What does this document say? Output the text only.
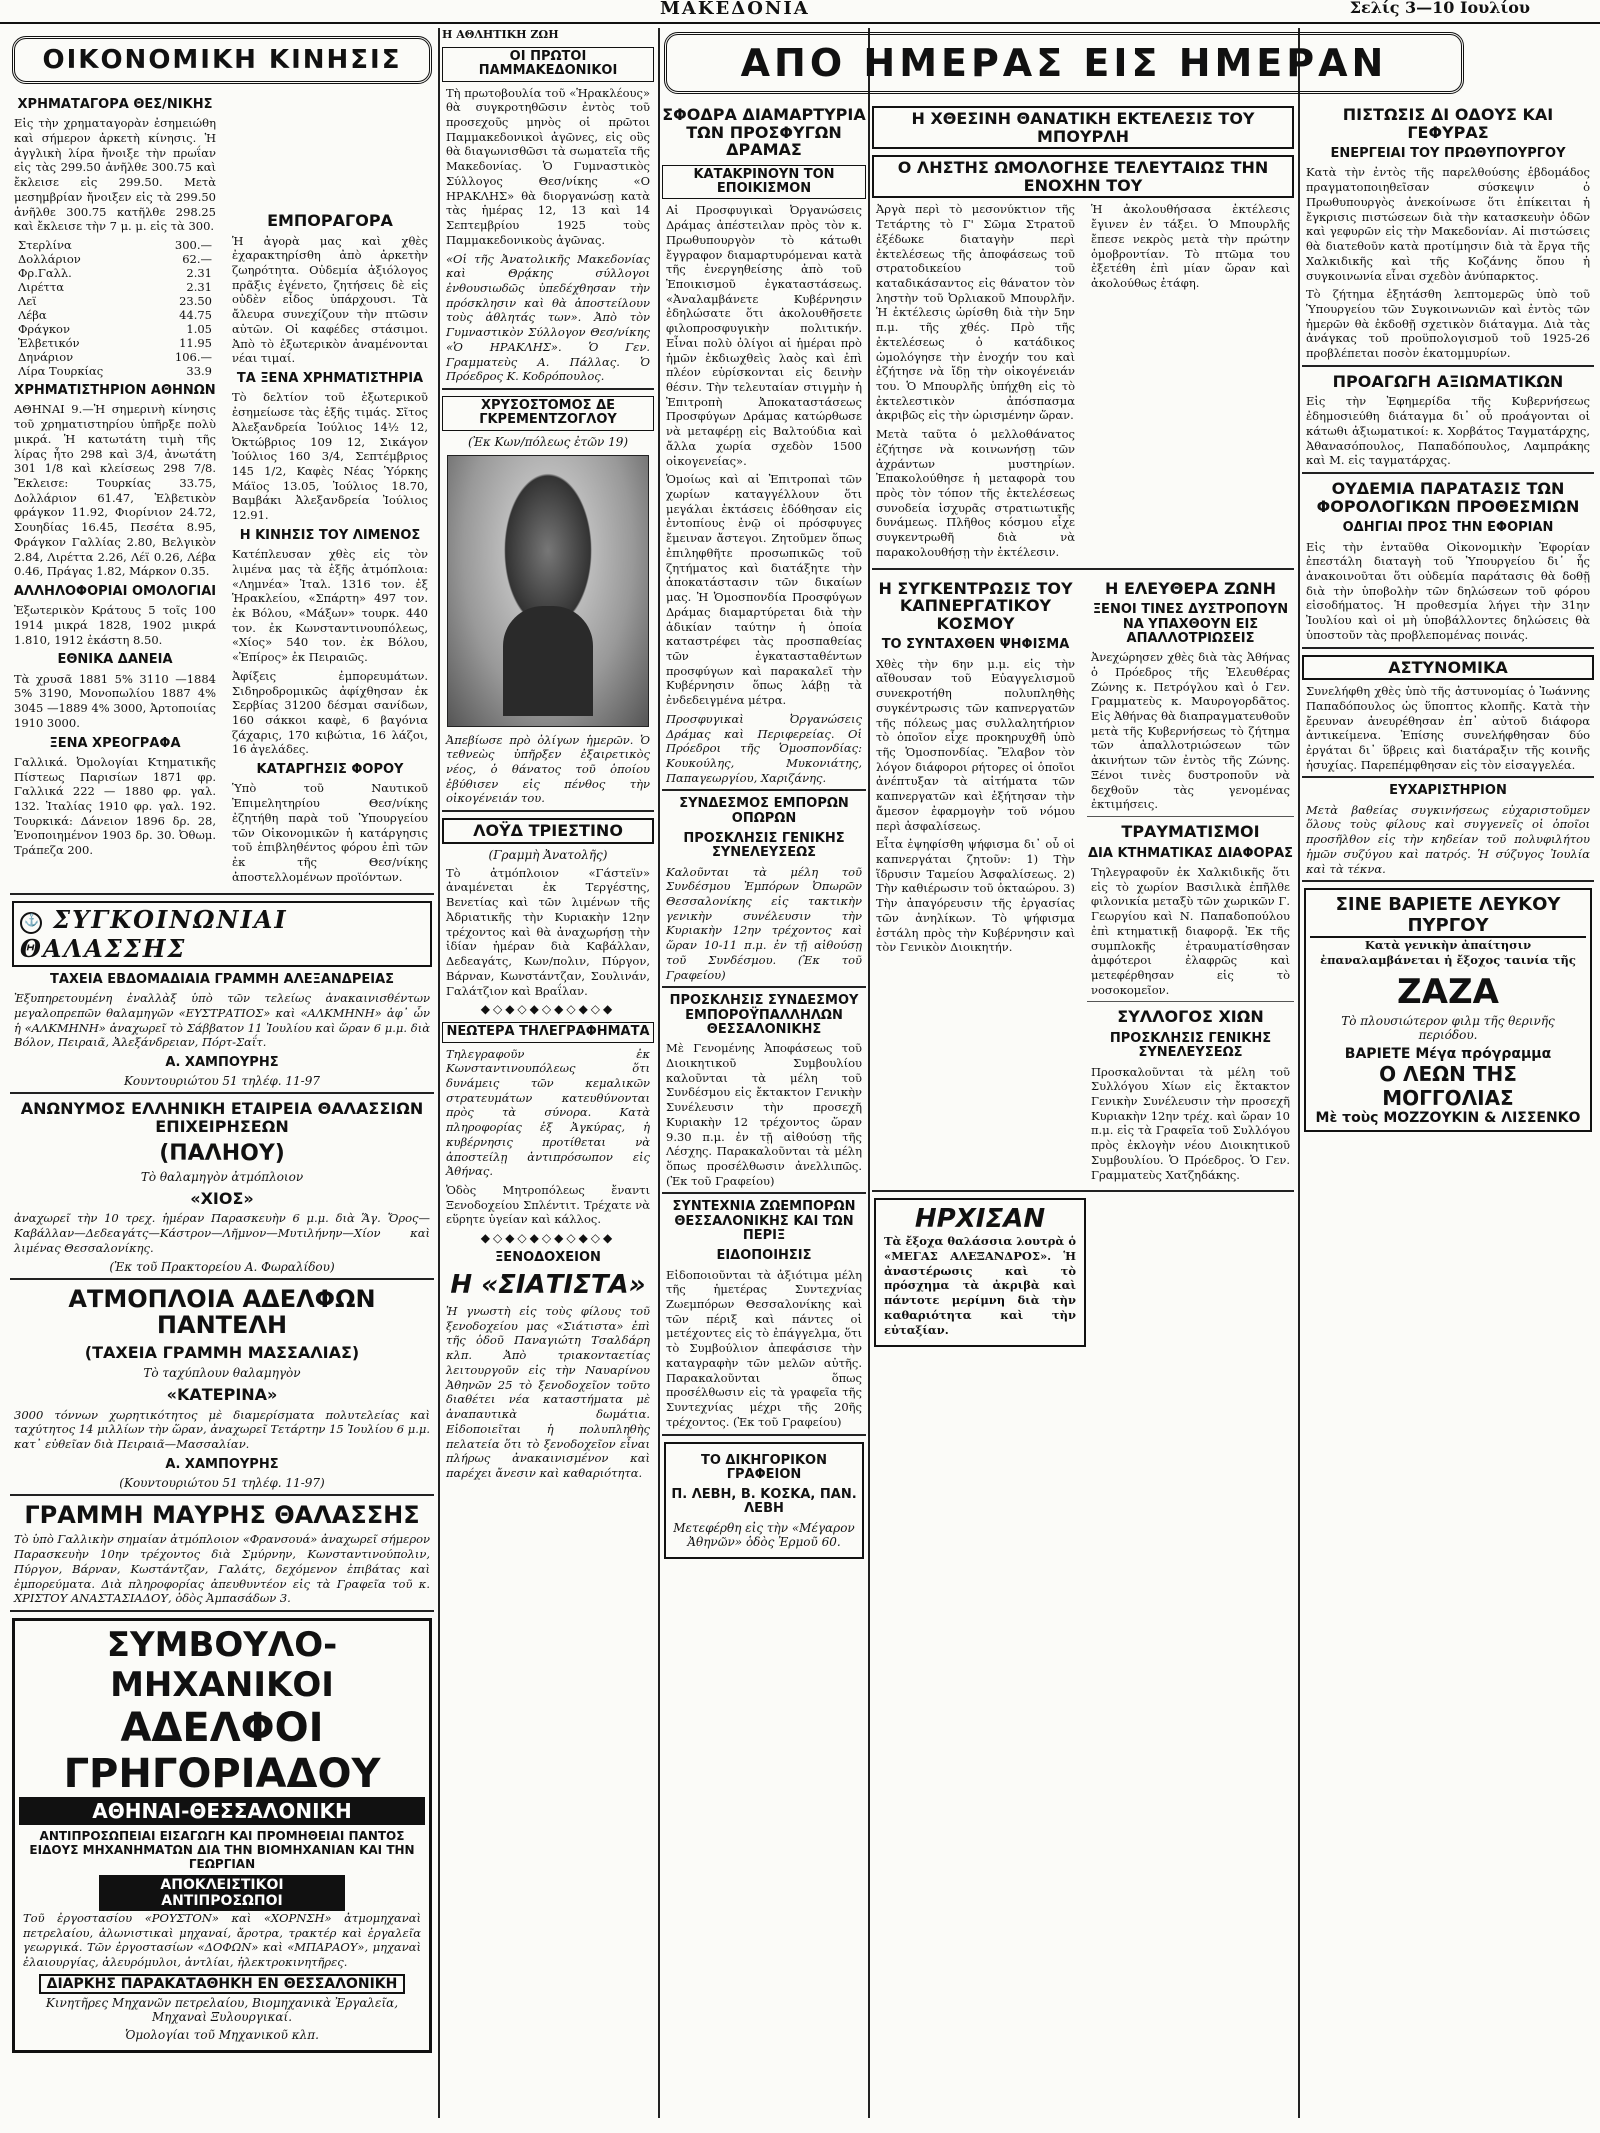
ΜΑΚΕΔΟΝΙΑ	Σελίς 3—10 Ιουλίου
ΟΙΚΟΝΟΜΙΚΗ ΚΙΝΗΣΙΣ
ΧΡΗΜΑΤΑΓΟΡΑ ΘΕΣ/ΝΙΚΗΣ

Εἰς τὴν χρηματαγορὰν ἐσημειώθη καὶ σήμερον ἀρκετὴ κίνησις. Ἡ ἀγγλικὴ λίρα ἤνοιξε τὴν πρωΐαν εἰς τὰς 299.50 ἀνῆλθε 300.75 καὶ ἔκλεισε εἰς 299.50. Μετὰ μεσημβρίαν ἤνοιξεν εἰς τὰ 299.50 ἀνῆλθε 300.75 κατῆλθε 298.25 καὶ ἔκλεισε τὴν 7 μ. μ. εἰς τὰ 300.

Στερλίνα	300.—
Δολλάριον	62.—
Φρ.Γαλλ.	2.31
Λιρέττα	2.31
Λεϊ	23.50
Λέβα	44.75
Φράγκον	1.05
Ἑλβετικόν	11.95
Δηνάριον	106.—
Λίρα Τουρκίας	33.9
ΧΡΗΜΑΤΙΣΤΗΡΙΟΝ ΑΘΗΝΩΝ

ΑΘΗΝΑΙ 9.—Ἡ σημερινὴ κίνησις τοῦ χρηματιστηρίου ὑπῆρξε πολὺ μικρά. Ἡ κατωτάτη τιμὴ τῆς λίρας ἦτο 298 καὶ 3/4, ἀνωτάτη 301 1/8 καὶ κλείσεως 298 7/8. Ἔκλεισε: Τουρκίας 33.75, Δολλάριον 61.47, Ἑλβετικὸν φράγκον 11.92, Φιορίνιον 24.72, Σουηδίας 16.45, Πεσέτα 8.95, Φράγκον Γαλλίας 2.80, Βελγικὸν 2.84, Λιρέττα 2.26, Λέϊ 0.26, Λέβα 0.46, Πράγας 1.82, Μάρκον 0.35.

ΑΛΛΗΛΟΦΟΡΙΑΙ ΟΜΟΛΟΓΙΑΙ

Ἐξωτερικὸν Κράτους 5 τοῖς 100 1914 μικρά 1828, 1902 μικρά 1.810, 1912 ἐκάστη 8.50.

ΕΘΝΙΚΑ ΔΑΝΕΙΑ

Τὰ χρυσᾶ 1881 5% 3110 —1884 5% 3190, Μονοπωλίου 1887 4% 3045 —1889 4% 3000, Ἀρτοποιίας 1910 3000.

ΞΕΝΑ ΧΡΕΟΓΡΑΦΑ

Γαλλικά. Ὀμολογίαι Κτηματικῆς Πίστεως Παρισίων 1871 φρ. Γαλλικά 222 — 1880 φρ. γαλ. 132. Ἰταλίας 1910 φρ. γαλ. 192. Τουρκικά: Δάνειον 1896 δρ. 28, Ἐνοποιημένον 1903 δρ. 30. Ὀθωμ. Τράπεζα 200.

ΕΜΠΟΡΑΓΟΡΑ

Ἡ ἀγορὰ μας καὶ χθὲς ἐχαρακτηρίσθη ἀπὸ ἀρκετὴν ζωηρότητα. Οὐδεμία ἀξιόλογος πρᾶξις ἐγένετο, ζητήσεις δὲ εἰς οὐδὲν εἶδος ὑπάρχουσι. Τὰ ἄλευρα συνεχίζουν τὴν πτῶσιν αὐτῶν. Οἱ καφέδες στάσιμοι. Ἀπὸ τὸ ἐξωτερικὸν ἀναμένονται νέαι τιμαί.

ΤΑ ΞΕΝΑ ΧΡΗΜΑΤΙΣΤΗΡΙΑ

Τὸ δελτίον τοῦ ἐξωτερικοῦ ἐσημείωσε τὰς ἑξῆς τιμάς. Σῖτος Ἀλεξανδρεία Ἰούλιος 14½ 12, Ὀκτώβριος 109 12, Σικάγον Ἰούλιος 160 3/4, Σεπτέμβριος 145 1/2, Καφὲς Νέας Ὑόρκης Μάϊος 13.05, Ἰούλιος 18.70, Βαμβάκι Ἀλεξανδρεία Ἰούλιος 12.91.

Η ΚΙΝΗΣΙΣ ΤΟΥ ΛΙΜΕΝΟΣ

Κατέπλευσαν χθὲς εἰς τὸν λιμένα μας τὰ ἑξῆς ἀτμόπλοια: «Λημνέα» Ἰταλ. 1316 τον. ἐξ Ἡρακλείου, «Σπάρτη» 497 τον. ἐκ Βόλου, «Μάξων» τουρκ. 440 τον. ἐκ Κωνσταντινουπόλεως, «Χίος» 540 τον. ἐκ Βόλου, «Ἐπίρος» ἐκ Πειραιῶς.

Ἀφίξεις ἐμπορευμάτων. Σιδηροδρομικῶς ἀφίχθησαν ἐκ Σερβίας 31200 δέσμαι σανίδων, 160 σάκκοι καφὲ, 6 βαγόνια ζάχαρις, 170 κιβώτια, 16 λάζοι, 16 ἀγελάδες.

ΚΑΤΑΡΓΗΣΙΣ ΦΟΡΟΥ

Ὑπὸ τοῦ Ναυτικοῦ Ἐπιμελητηρίου Θεσ/νίκης ἐζητήθη παρὰ τοῦ Ὑπουργείου τῶν Οἰκονομικῶν ἡ κατάργησις τοῦ ἐπιβληθέντος φόρου ἐπὶ τῶν ἐκ τῆς Θεσ/νίκης ἀποστελλομένων προϊόντων.

⚓ ΣΥΓΚΟΙΝΩΝΙΑΙ ΘΑΛΑΣΣΗΣ
ΤΑΧΕΙΑ ΕΒΔΟΜΑΔΙΑΙΑ ΓΡΑΜΜΗ ΑΛΕΞΑΝΔΡΕΙΑΣ

Ἐξυπηρετουμένη ἐναλλὰξ ὑπὸ τῶν τελείως ἀνακαινισθέντων μεγαλοπρεπῶν θαλαμηγῶν «ΕΥΣΤΡΑΤΙΟΣ» καὶ «ΑΛΚΜΗΝΗ» ἀφ᾽ ὧν ἡ «ΑΛΚΜΗΝΗ» ἀναχωρεῖ τὸ Σάββατον 11 Ἰουλίου καὶ ὥραν 6 μ.μ. διὰ Βόλον, Πειραιᾶ, Ἀλεξάνδρειαν, Πόρτ-Σαΐτ.

Α. ΧΑΜΠΟΥΡΗΣ
Κουντουριώτου 51 τηλέφ. 11-97
ΑΝΩΝΥΜΟΣ ΕΛΛΗΝΙΚΗ ΕΤΑΙΡΕΙΑ ΘΑΛΑΣΣΙΩΝ ΕΠΙΧΕΙΡΗΣΕΩΝ
(ΠΑΛΗΟΥ)
Τὸ θαλαμηγὸν ἀτμόπλοιον
«ΧΙΟΣ»

ἀναχωρεῖ τὴν 10 τρεχ. ἡμέραν Παρασκευὴν 6 μ.μ. διὰ Ἅγ. Ὄρος—Καβάλλαν—Δεδεαγάτς—Κάστρον—Λῆμνον—Μυτιλήνην—Χίον καὶ λιμένας Θεσσαλονίκης.

(Ἐκ τοῦ Πρακτορείου Α. Φωραλίδου)
ΑΤΜΟΠΛΟΙΑ ΑΔΕΛΦΩΝ ΠΑΝΤΕΛΗ
(ΤΑΧΕΙΑ ΓΡΑΜΜΗ ΜΑΣΣΑΛΙΑΣ)
Τὸ ταχύπλουν θαλαμηγὸν
«ΚΑΤΕΡΙΝΑ»

3000 τόννων χωρητικότητος μὲ διαμερίσματα πολυτελείας καὶ ταχύτητος 14 μιλλίων τὴν ὥραν, ἀναχωρεῖ Τετάρτην 15 Ἰουλίου 6 μ.μ. κατ᾽ εὐθεῖαν διὰ Πειραιᾶ—Μασσαλίαν.

Α. ΧΑΜΠΟΥΡΗΣ
(Κουντουριώτου 51 τηλέφ. 11-97)
ΓΡΑΜΜΗ ΜΑΥΡΗΣ ΘΑΛΑΣΣΗΣ

Τὸ ὑπὸ Γαλλικὴν σημαίαν ἀτμόπλοιον «Φρανσουά» ἀναχωρεῖ σήμερον Παρασκευὴν 10ην τρέχοντος διὰ Σμύρνην, Κωνσταντινούπολιν, Πύργον, Βάρναν, Κωστάντζαν, Γαλάτς, δεχόμενον ἐπιβάτας καὶ ἐμπορεύματα. Διὰ πληροφορίας ἀπευθυντέον εἰς τὰ Γραφεῖα τοῦ κ. ΧΡΙΣΤΟΥ ΑΝΑΣΤΑΣΙΑΔΟΥ, ὁδὸς Ἀμπασάδων 3.

ΣΥΜΒΟΥΛΟ-ΜΗΧΑΝΙΚΟΙ
ΑΔΕΛΦΟΙ ΓΡΗΓΟΡΙΑΔΟΥ
ΑΘΗΝΑΙ-ΘΕΣΣΑΛΟΝΙΚΗ
ΑΝΤΙΠΡΟΣΩΠΕΙΑΙ ΕΙΣΑΓΩΓΗ ΚΑΙ ΠΡΟΜΗΘΕΙΑΙ ΠΑΝΤΟΣ ΕΙΔΟΥΣ ΜΗΧΑΝΗΜΑΤΩΝ ΔΙΑ ΤΗΝ ΒΙΟΜΗΧΑΝΙΑΝ ΚΑΙ ΤΗΝ ΓΕΩΡΓΙΑΝ
ΑΠΟΚΛΕΙΣΤΙΚΟΙ ΑΝΤΙΠΡΟΣΩΠΟΙ

Τοῦ ἐργοστασίου «ΡΟΥΣΤΟΝ» καὶ «ΧΟΡΝΣΗ» ἀτμομηχαναὶ πετρελαίου, ἀλωνιστικαὶ μηχαναί, ἄροτρα, τρακτέρ καὶ ἐργαλεῖα γεωργικά. Τῶν ἐργοστασίων «ΔΟΦΩΝ» καὶ «ΜΠΑΡΑΟΥ», μηχαναὶ ἐλαιουργίας, ἀλευρόμυλοι, ἀντλίαι, ἠλεκτροκινητῆρες.

ΔΙΑΡΚΗΣ ΠΑΡΑΚΑΤΑΘΗΚΗ ΕΝ ΘΕΣΣΑΛΟΝΙΚΗ
Κινητῆρες Μηχανῶν πετρελαίου, Βιομηχανικὰ Ἐργαλεῖα, Μηχαναὶ Ξυλουργικαί.
Ὁμολογίαι τοῦ Μηχανικοῦ κλπ.
Η ΑΘΛΗΤΙΚΗ ΖΩΗ
ΟΙ ΠΡΩΤΟΙ ΠΑΜΜΑΚΕΔΟΝΙΚΟΙ

Τὴ πρωτοβουλία τοῦ «Ἡρακλέους» θὰ συγκροτηθῶσιν ἐντὸς τοῦ προσεχοῦς μηνὸς οἱ πρῶτοι Παμμακεδονικοὶ ἀγῶνες, εἰς οὓς θὰ διαγωνισθῶσι τὰ σωματεῖα τῆς Μακεδονίας. Ὁ Γυμναστικὸς Σύλλογος Θεσ/νίκης «Ο ΗΡΑΚΛΗΣ» θὰ διοργανώσῃ κατὰ τὰς ἡμέρας 12, 13 καὶ 14 Σεπτεμβρίου 1925 τοὺς Παμμακεδονικοὺς ἀγῶνας.

«Οἱ τῆς Ἀνατολικῆς Μακεδονίας καὶ Θρᾴκης σύλλογοι ἐνθουσιωδῶς ὑπεδέχθησαν τὴν πρόσκλησιν καὶ θὰ ἀποστείλουν τοὺς ἀθλητάς των». Ἀπὸ τὸν Γυμναστικὸν Σύλλογον Θεσ/νίκης «Ὁ ΗΡΑΚΛΗΣ». Ὁ Γεν. Γραμματεὺς Α. Πάλλας. Ὁ Πρόεδρος Κ. Κοδρόπουλος.

ΧΡΥΣΟΣΤΟΜΟΣ ΔΕ ΓΚΡΕΜΕΝΤΖΟΓΛΟΥ
(Ἐκ Κων/πόλεως ἐτῶν 19)

Ἀπεβίωσε πρὸ ὀλίγων ἡμερῶν. Ὁ τεθνεὼς ὑπῆρξεν ἐξαιρετικὸς νέος, ὁ θάνατος τοῦ ὁποίου ἐβύθισεν εἰς πένθος τὴν οἰκογένειάν του.

ΛΟΫΔ ΤΡΙΕΣΤΙΝΟ
(Γραμμὴ Ἀνατολῆς)

Τὸ ἀτμόπλοιον «Γάστεϊν» ἀναμένεται ἐκ Τεργέστης, Βενετίας καὶ τῶν λιμένων τῆς Ἀδριατικῆς τὴν Κυριακὴν 12ην τρέχοντος καὶ θὰ ἀναχωρήσῃ τὴν ἰδίαν ἡμέραν διὰ Καβάλλαν, Δεδεαγάτς, Κων/πολιν, Πύργον, Βάρναν, Κωνστάντζαν, Σουλινάν, Γαλάτζιον καὶ Βραΐλαν.

◆◇◆◇◆◇◆◇◆◇◆
ΝΕΩΤΕΡΑ ΤΗΛΕΓΡΑΦΗΜΑΤΑ

Τηλεγραφοῦν ἐκ Κωνσταντινουπόλεως ὅτι δυνάμεις τῶν κεμαλικῶν στρατευμάτων κατευθύνονται πρὸς τὰ σύνορα. Κατὰ πληροφορίας ἐξ Ἀγκύρας, ἡ κυβέρνησις προτίθεται νὰ ἀποστείλῃ ἀντιπρόσωπον εἰς Ἀθήνας.

Ὁδὸς Μητροπόλεως ἔναντι Ξενοδοχείου Σπλέντιτ. Τρέχατε νὰ εὕρητε ὑγείαν καὶ κάλλος.

◆◇◆◇◆◇◆◇◆◇◆
ΞΕΝΟΔΟΧΕΙΟΝ
Η «ΣΙΑΤΙΣΤΑ»

Ἡ γνωστὴ εἰς τοὺς φίλους τοῦ ξενοδοχείου μας «Σιάτιστα» ἐπὶ τῆς ὁδοῦ Παναγιώτη Τσαλδάρη κλπ. Ἀπὸ τριακονταετίας λειτουργοῦν εἰς τὴν Ναυαρίνου Ἀθηνῶν 25 τὸ ξενοδοχεῖον τοῦτο διαθέτει νέα καταστήματα μὲ ἀναπαυτικὰ δωμάτια. Εἰδοποιεῖται ἡ πολυπληθὴς πελατεία ὅτι τὸ ξενοδοχεῖον εἶναι πλήρως ἀνακαινισμένον καὶ παρέχει ἄνεσιν καὶ καθαριότητα.

ΑΠΟ ΗΜΕΡΑΣ ΕΙΣ ΗΜΕΡΑΝ
ΣΦΟΔΡΑ ΔΙΑΜΑΡΤΥΡΙΑ ΤΩΝ ΠΡΟΣΦΥΓΩΝ ΔΡΑΜΑΣ
ΚΑΤΑΚΡΙΝΟΥΝ ΤΟΝ ΕΠΟΙΚΙΣΜΟΝ

Αἱ Προσφυγικαὶ Ὀργανώσεις Δράμας ἀπέστειλαν πρὸς τὸν κ. Πρωθυπουργὸν τὸ κάτωθι ἔγγραφον διαμαρτυρόμεναι κατὰ τῆς ἐνεργηθείσης ἀπὸ τοῦ Ἐποικισμοῦ ἐγκαταστάσεως. «Ἀναλαμβάνετε Κυβέρνησιν ἐδηλώσατε ὅτι ἀκολουθῆσετε φιλοπροσφυγικὴν πολιτικήν. Εἶναι πολὺ ὀλίγοι αἱ ἡμέραι πρὸ ἡμῶν ἐκδιωχθεὶς λαὸς καὶ ἐπὶ πλέον εὑρίσκονται εἰς δεινὴν θέσιν. Τὴν τελευταίαν στιγμὴν ἡ Ἐπιτροπὴ Ἀποκαταστάσεως Προσφύγων Δράμας κατώρθωσε νὰ μεταφέρῃ εἰς Βαλτούδια καὶ ἄλλα χωρία σχεδὸν 1500 οἰκογενείας».

Ὁμοίως καὶ αἱ Ἐπιτροπαὶ τῶν χωρίων καταγγέλλουν ὅτι μεγάλαι ἐκτάσεις ἐδόθησαν εἰς ἐντοπίους ἐνῷ οἱ πρόσφυγες ἔμειναν ἄστεγοι. Ζητοῦμεν ὅπως ἐπιληφθῆτε προσωπικῶς τοῦ ζητήματος καὶ διατάξητε τὴν ἀποκατάστασιν τῶν δικαίων μας. Ἡ Ὁμοσπονδία Προσφύγων Δράμας διαμαρτύρεται διὰ τὴν ἀδικίαν ταύτην ἡ ὁποία καταστρέφει τὰς προσπαθείας τῶν ἐγκατασταθέντων προσφύγων καὶ παρακαλεῖ τὴν Κυβέρνησιν ὅπως λάβῃ τὰ ἐνδεδειγμένα μέτρα.

Προσφυγικαὶ Ὀργανώσεις Δράμας καὶ Περιφερείας. Οἱ Πρόεδροι τῆς Ὁμοσπονδίας: Κουκούλης, Μυκονιάτης, Παπαγεωργίου, Χαριζάνης.

ΣΥΝΔΕΣΜΟΣ ΕΜΠΟΡΩΝ ΟΠΩΡΩΝ
ΠΡΟΣΚΛΗΣΙΣ ΓΕΝΙΚΗΣ ΣΥΝΕΛΕΥΣΕΩΣ

Καλοῦνται τὰ μέλη τοῦ Συνδέσμου Ἐμπόρων Ὀπωρῶν Θεσσαλονίκης εἰς τακτικὴν γενικὴν συνέλευσιν τὴν Κυριακὴν 12ην τρέχοντος καὶ ὥραν 10-11 π.μ. ἐν τῇ αἰθούσῃ τοῦ Συνδέσμου. (Ἐκ τοῦ Γραφείου)

ΠΡΟΣΚΛΗΣΙΣ ΣΥΝΔΕΣΜΟΥ ΕΜΠΟΡΟΫΠΑΛΛΗΛΩΝ ΘΕΣΣΑΛΟΝΙΚΗΣ

Μὲ Γενομένης Ἀποφάσεως τοῦ Διοικητικοῦ Συμβουλίου καλοῦνται τὰ μέλη τοῦ Συνδέσμου εἰς ἔκτακτον Γενικὴν Συνέλευσιν τὴν προσεχῆ Κυριακὴν 12 τρέχοντος ὥραν 9.30 π.μ. ἐν τῇ αἰθούσῃ τῆς Λέσχης. Παρακαλοῦνται τὰ μέλη ὅπως προσέλθωσιν ἀνελλιπῶς. (Ἐκ τοῦ Γραφείου)

ΣΥΝΤΕΧΝΙΑ ΖΩΕΜΠΟΡΩΝ ΘΕΣΣΑΛΟΝΙΚΗΣ ΚΑΙ ΤΩΝ ΠΕΡΙΞ
ΕΙΔΟΠΟΙΗΣΙΣ

Εἰδοποιοῦνται τὰ ἀξιότιμα μέλη τῆς ἡμετέρας Συντεχνίας Ζωεμπόρων Θεσσαλονίκης καὶ τῶν πέριξ καὶ πάντες οἱ μετέχοντες εἰς τὸ ἐπάγγελμα, ὅτι τὸ Συμβούλιον ἀπεφάσισε τὴν καταγραφὴν τῶν μελῶν αὐτῆς. Παρακαλοῦνται ὅπως προσέλθωσιν εἰς τὰ γραφεῖα τῆς Συντεχνίας μέχρι τῆς 20ῆς τρέχοντος. (Ἐκ τοῦ Γραφείου)

ΤΟ ΔΙΚΗΓΟΡΙΚΟΝ ΓΡΑΦΕΙΟΝ
Π. ΛΕΒΗ, Β. ΚΟΣΚΑ, ΠΑΝ. ΛΕΒΗ
Μετεφέρθη εἰς τὴν «Μέγαρον Ἀθηνῶν» ὁδὸς Ἐρμοῦ 60.
Η ΧΘΕΣΙΝΗ ΘΑΝΑΤΙΚΗ ΕΚΤΕΛΕΣΙΣ ΤΟΥ ΜΠΟΥΡΛΗ
Ο ΛΗΣΤΗΣ ΩΜΟΛΟΓΗΣΕ ΤΕΛΕΥΤΑΙΩΣ ΤΗΝ ΕΝΟΧΗΝ ΤΟΥ

Ἀργὰ περὶ τὸ μεσονύκτιον τῆς Τετάρτης τὸ Γ' Σῶμα Στρατοῦ ἐξέδωκε διαταγὴν περὶ ἐκτελέσεως τῆς ἀποφάσεως τοῦ στρατοδικείου τοῦ καταδικάσαντος εἰς θάνατον τὸν ληστὴν τοῦ Ὀρλιακοῦ Μπουρλῆν. Ἡ ἐκτέλεσις ὡρίσθη διὰ τὴν 5ην π.μ. τῆς χθές. Πρὸ τῆς ἐκτελέσεως ὁ κατάδικος ὡμολόγησε τὴν ἐνοχήν του καὶ ἐζήτησε νὰ ἴδῃ τὴν οἰκογένειάν του. Ὁ Μπουρλῆς ὑπήχθη εἰς τὸ ἐκτελεστικὸν ἀπόσπασμα ἀκριβῶς εἰς τὴν ὡρισμένην ὥραν.

Μετὰ ταῦτα ὁ μελλοθάνατος ἐζήτησε νὰ κοινωνήσῃ τῶν ἀχράντων μυστηρίων. Ἐπακολούθησε ἡ μεταφορὰ του πρὸς τὸν τόπον τῆς ἐκτελέσεως συνοδεία ἰσχυρᾶς στρατιωτικῆς δυνάμεως. Πλῆθος κόσμου εἶχε συγκεντρωθῆ διὰ νὰ παρακολουθήσῃ τὴν ἐκτέλεσιν.

Ἡ ἀκολουθήσασα ἐκτέλεσις ἔγινεν ἐν τάξει. Ὁ Μπουρλῆς ἔπεσε νεκρὸς μετὰ τὴν πρώτην ὁμοβροντίαν. Τὸ πτῶμα του ἐξετέθη ἐπὶ μίαν ὥραν καὶ ἀκολούθως ἐτάφη.

Η ΣΥΓΚΕΝΤΡΩΣΙΣ ΤΟΥ ΚΑΠΝΕΡΓΑΤΙΚΟΥ ΚΟΣΜΟΥ
ΤΟ ΣΥΝΤΑΧΘΕΝ ΨΗΦΙΣΜΑ

Χθὲς τὴν 6ην μ.μ. εἰς τὴν αἴθουσαν τοῦ Εὐαγγελισμοῦ συνεκροτήθη πολυπληθὴς συγκέντρωσις τῶν καπνεργατῶν τῆς πόλεως μας συλλαλητήριον τὸ ὁποῖον εἶχε προκηρυχθῆ ὑπὸ τῆς Ὁμοσπονδίας. Ἔλαβον τὸν λόγον διάφοροι ρήτορες οἱ ὁποῖοι ἀνέπτυξαν τὰ αἰτήματα τῶν καπνεργατῶν καὶ ἐξήτησαν τὴν ἄμεσον ἐφαρμογὴν τοῦ νόμου περὶ ἀσφαλίσεως.

Εἶτα ἐψηφίσθη ψήφισμα δι᾽ οὗ οἱ καπνεργάται ζητοῦν: 1) Τὴν ἵδρυσιν Ταμείου Ἀσφαλίσεως. 2) Τὴν καθιέρωσιν τοῦ ὀκταώρου. 3) Τὴν ἀπαγόρευσιν τῆς ἐργασίας τῶν ἀνηλίκων. Τὸ ψήφισμα ἐστάλη πρὸς τὴν Κυβέρνησιν καὶ τὸν Γενικὸν Διοικητήν.

Η ΕΛΕΥΘΕΡΑ ΖΩΝΗ
ΞΕΝΟΙ ΤΙΝΕΣ ΔΥΣΤΡΟΠΟΥΝ ΝΑ ΥΠΑΧΘΟΥΝ ΕΙΣ ΑΠΑΛΛΟΤΡΙΩΣΕΙΣ

Ἀνεχώρησεν χθὲς διὰ τὰς Ἀθήνας ὁ Πρόεδρος τῆς Ἐλευθέρας Ζώνης κ. Πετρόγλου καὶ ὁ Γεν. Γραμματεὺς κ. Μαυρογορδᾶτος. Εἰς Ἀθήνας θὰ διαπραγματευθοῦν μετὰ τῆς Κυβερνήσεως τὸ ζήτημα τῶν ἀπαλλοτριώσεων τῶν ἀκινήτων τῶν ἐντὸς τῆς Ζώνης. Ξένοι τινὲς δυστροποῦν νὰ δεχθοῦν τὰς γενομένας ἐκτιμήσεις.

ΤΡΑΥΜΑΤΙΣΜΟΙ
ΔΙΑ ΚΤΗΜΑΤΙΚΑΣ ΔΙΑΦΟΡΑΣ

Τηλεγραφοῦν ἐκ Χαλκιδικῆς ὅτι εἰς τὸ χωρίον Βασιλικὰ ἐπῆλθε φιλονικία μεταξὺ τῶν χωρικῶν Γ. Γεωργίου καὶ Ν. Παπαδοπούλου ἐπὶ κτηματικῇ διαφορᾷ. Ἐκ τῆς συμπλοκῆς ἐτραυματίσθησαν ἀμφότεροι ἐλαφρῶς καὶ μετεφέρθησαν εἰς τὸ νοσοκομεῖον.

ΣΥΛΛΟΓΟΣ ΧΙΩΝ
ΠΡΟΣΚΛΗΣΙΣ ΓΕΝΙΚΗΣ ΣΥΝΕΛΕΥΣΕΩΣ

Προσκαλοῦνται τὰ μέλη τοῦ Συλλόγου Χίων εἰς ἔκτακτον Γενικὴν Συνέλευσιν τὴν προσεχῆ Κυριακὴν 12ην τρέχ. καὶ ὥραν 10 π.μ. εἰς τὰ Γραφεῖα τοῦ Συλλόγου πρὸς ἐκλογὴν νέου Διοικητικοῦ Συμβουλίου. Ὁ Πρόεδρος. Ὁ Γεν. Γραμματεὺς Χατζηδάκης.

ΗΡΧΙΣΑΝ

Τὰ ἔξοχα θαλάσσια λουτρὰ ὁ «ΜΕΓΑΣ ΑΛΕΞΑΝΔΡΟΣ». Ἡ ἀναστέρωσις καὶ τὸ πρόσχημα τὰ ἀκριβὰ καὶ πάντοτε μερίμνη διὰ τὴν καθαριότητα καὶ τὴν εὐταξίαν.

ΠΙΣΤΩΣΙΣ ΔΙ ΟΔΟΥΣ ΚΑΙ ΓΕΦΥΡΑΣ
ΕΝΕΡΓΕΙΑΙ ΤΟΥ ΠΡΩΘΥΠΟΥΡΓΟΥ

Κατὰ τὴν ἐντὸς τῆς παρελθούσης ἑβδομάδος πραγματοποιηθεῖσαν σύσκεψιν ὁ Πρωθυπουργὸς ἀνεκοίνωσε ὅτι ἐπίκειται ἡ ἔγκρισις πιστώσεων διὰ τὴν κατασκευὴν ὁδῶν καὶ γεφυρῶν εἰς τὴν Μακεδονίαν. Αἱ πιστώσεις θὰ διατεθοῦν κατὰ προτίμησιν διὰ τὰ ἔργα τῆς Χαλκιδικῆς καὶ τῆς Κοζάνης ὅπου ἡ συγκοινωνία εἶναι σχεδὸν ἀνύπαρκτος.

Τὸ ζήτημα ἐξητάσθη λεπτομερῶς ὑπὸ τοῦ Ὑπουργείου τῶν Συγκοινωνιῶν καὶ ἐντὸς τῶν ἡμερῶν θὰ ἐκδοθῇ σχετικὸν διάταγμα. Διὰ τὰς ἀνάγκας τοῦ προϋπολογισμοῦ τοῦ 1925-26 προβλέπεται ποσὸν ἑκατομμυρίων.

ΠΡΟΑΓΩΓΗ ΑΞΙΩΜΑΤΙΚΩΝ

Εἰς τὴν Ἐφημερίδα τῆς Κυβερνήσεως ἐδημοσιεύθη διάταγμα δι᾽ οὗ προάγονται οἱ κάτωθι ἀξιωματικοί: κ. Χορβάτος Ταγματάρχης, Ἀθανασόπουλος, Παπαδόπουλος, Λαμπράκης καὶ Μ. εἰς ταγματάρχας.

ΟΥΔΕΜΙΑ ΠΑΡΑΤΑΣΙΣ ΤΩΝ ΦΟΡΟΛΟΓΙΚΩΝ ΠΡΟΘΕΣΜΙΩΝ
ΟΔΗΓΙΑΙ ΠΡΟΣ ΤΗΝ ΕΦΟΡΙΑΝ

Εἰς τὴν ἐνταῦθα Οἰκονομικὴν Ἐφορίαν ἐπεστάλη διαταγὴ τοῦ Ὑπουργείου δι᾽ ἧς ἀνακοινοῦται ὅτι οὐδεμία παράτασις θὰ δοθῇ διὰ τὴν ὑποβολὴν τῶν δηλώσεων τοῦ φόρου εἰσοδήματος. Ἡ προθεσμία λήγει τὴν 31ην Ἰουλίου καὶ οἱ μὴ ὑποβάλλοντες δηλώσεις θὰ ὑποστοῦν τὰς προβλεπομένας ποινάς.

ΑΣΤΥΝΟΜΙΚΑ

Συνελήφθη χθὲς ὑπὸ τῆς ἀστυνομίας ὁ Ἰωάννης Παπαδόπουλος ὡς ὕποπτος κλοπῆς. Κατὰ τὴν ἔρευναν ἀνευρέθησαν ἐπ᾽ αὐτοῦ διάφορα ἀντικείμενα. Ἐπίσης συνελήφθησαν δύο ἐργάται δι᾽ ὕβρεις καὶ διατάραξιν τῆς κοινῆς ἡσυχίας. Παρεπέμφθησαν εἰς τὸν εἰσαγγελέα.

ΕΥΧΑΡΙΣΤΗΡΙΟΝ

Μετὰ βαθείας συγκινήσεως εὐχαριστοῦμεν ὅλους τοὺς φίλους καὶ συγγενεῖς οἱ ὁποῖοι προσῆλθον εἰς τὴν κηδείαν τοῦ πολυφιλήτου ἡμῶν συζύγου καὶ πατρός. Ἡ σύζυγος Ἰουλία καὶ τὰ τέκνα.

ΣΙΝΕ ΒΑΡΙΕΤΕ ΛΕΥΚΟΥ ΠΥΡΓΟΥ

Κατὰ γενικὴν ἀπαίτησιν ἐπαναλαμβάνεται ἡ ἔξοχος ταινία τῆς

ΖΑΖΑ
Τὸ πλουσιώτερον φιλμ τῆς θερινῆς περιόδου.
ΒΑΡΙΕΤΕ Μέγα πρόγραμμα
Ο ΛΕΩΝ ΤΗΣ ΜΟΓΓΟΛΙΑΣ
Μὲ τοὺς ΜΟΖΖΟΥΚΙΝ & ΛΙΣΣΕΝΚΟ
